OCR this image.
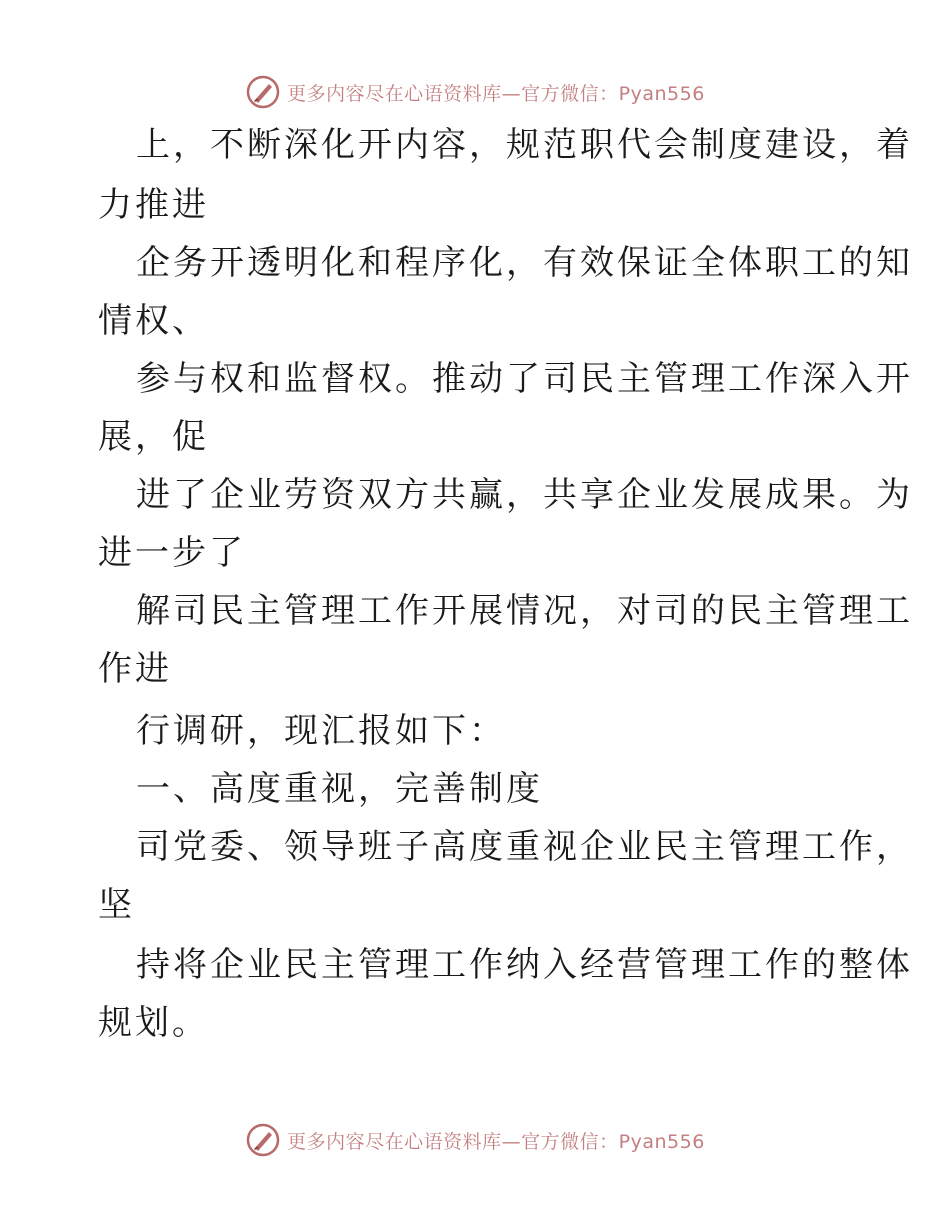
更多内容尽在心语资料库—官方微信：Pyan556
上，不断深化开内容，规范职代会制度建设，着
力推进
企务开透明化和程序化，有效保证全体职工的知
情权、
参与权和监督权。推动了司民主管理工作深入开
展，促
进了企业劳资双方共赢，共享企业发展成果。为
进一步了
解司民主管理工作开展情况，对司的民主管理工
作进
行调研，现汇报如下：
一、高度重视，完善制度
司党委、领导班子高度重视企业民主管理工作，
坚
持将企业民主管理工作纳入经营管理工作的整体
规划。
更多内容尽在心语资料库—官方微信：Pyan556
